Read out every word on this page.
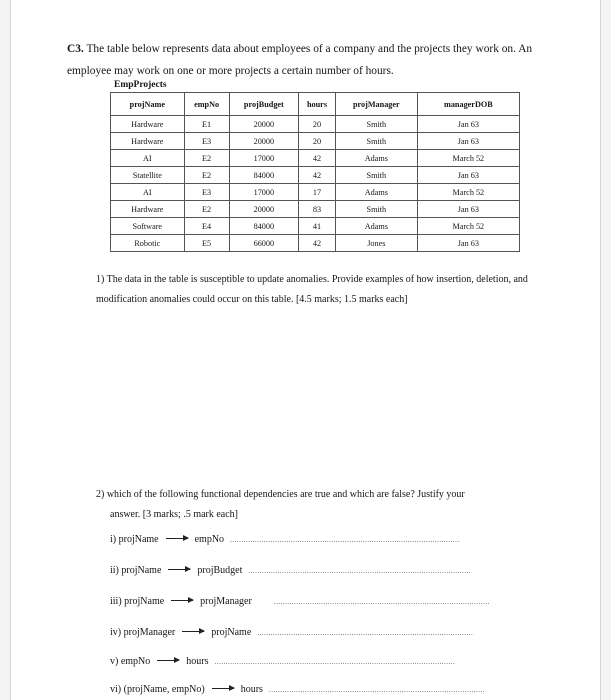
C3. The table below represents data about employees of a company and the projects they work on. An employee may work on one or more projects a certain number of hours.
EmpProjects
projName	empNo	projBudget	hours	projManager	managerDOB
Hardware	E1	20000	20	Smith	Jan 63
Hardware	E3	20000	20	Smith	Jan 63
AI	E2	17000	42	Adams	March 52
Statellite	E2	84000	42	Smith	Jan 63
AI	E3	17000	17	Adams	March 52
Hardware	E2	20000	83	Smith	Jan 63
Software	E4	84000	41	Adams	March 52
Robotic	E5	66000	42	Jones	Jan 63
1) The data in the table is susceptible to update anomalies. Provide examples of how insertion, deletion, and modification anomalies could occur on this table. [4.5 marks; 1.5 marks each]
2) which of the following functional dependencies are true and which are false? Justify your
answer. [3 marks; .5 mark each]
i)
projName	empNo ......................................................................................................
ii)
projName	projBudget ...................................................................................................
iii)
projName	projManager	................................................................................................
iv)
projManager	projName ................................................................................................
v)
empNo	hours ...........................................................................................................
vi)
(projName, empNo)	hours ................................................................................................
